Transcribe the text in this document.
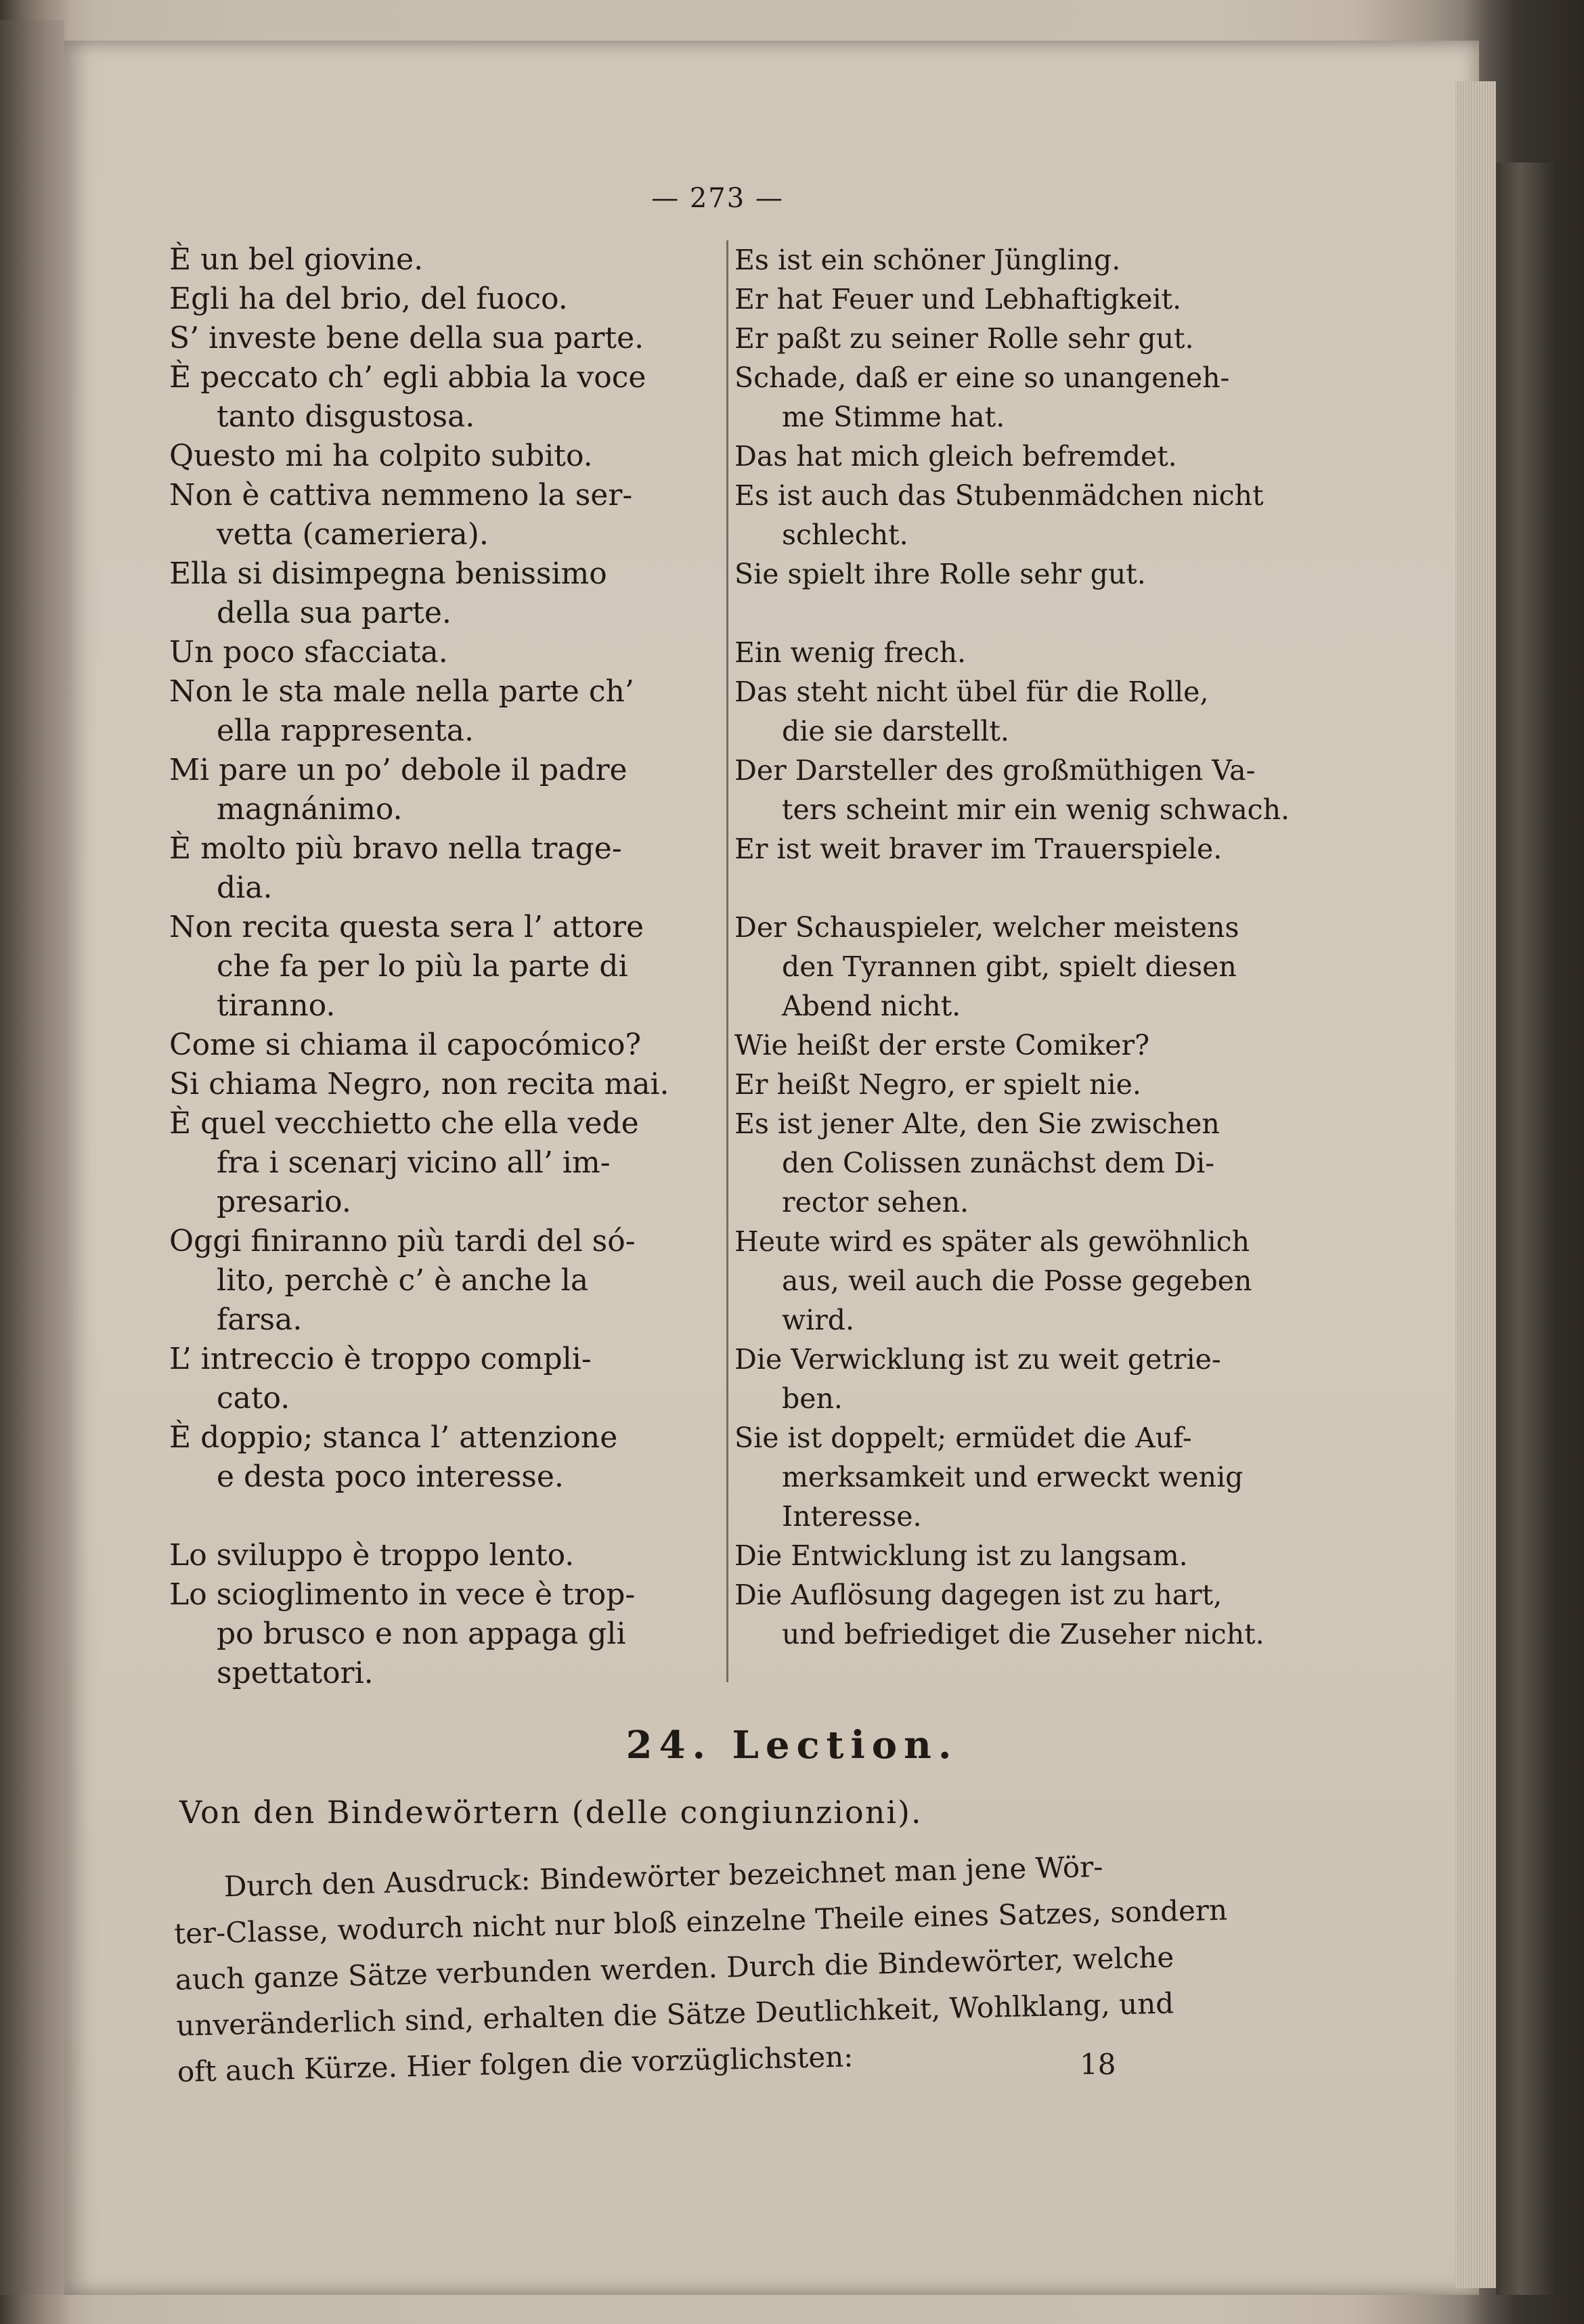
— 273 —
È un bel giovine.
Egli ha del brio, del fuoco.
S’ investe bene della sua parte.
È peccato ch’ egli abbia la voce
tanto disgustosa.
Questo mi ha colpito subito.
Non è cattiva nemmeno la ser-
vetta (cameriera).
Ella si disimpegna benissimo
della sua parte.
Un poco sfacciata.
Non le sta male nella parte ch’
ella rappresenta.
Mi pare un po’ debole il padre
magnánimo.
È molto più bravo nella trage-
dia.
Non recita questa sera l’ attore
che fa per lo più la parte di
tiranno.
Come si chiama il capocómico?
Si chiama Negro, non recita mai.
È quel vecchietto che ella vede
fra i scenarj vicino all’ im-
presario.
Oggi finiranno più tardi del só-
lito, perchè c’ è anche la
farsa.
L’ intreccio è troppo compli-
cato.
È doppio; stanca l’ attenzione
e desta poco interesse.
Lo sviluppo è troppo lento.
Lo scioglimento in vece è trop-
po brusco e non appaga gli
spettatori.
Es ist ein schöner Jüngling.
Er hat Feuer und Lebhaftigkeit.
Er paßt zu seiner Rolle sehr gut.
Schade, daß er eine so unangeneh-
me Stimme hat.
Das hat mich gleich befremdet.
Es ist auch das Stubenmädchen nicht
schlecht.
Sie spielt ihre Rolle sehr gut.
Ein wenig frech.
Das steht nicht übel für die Rolle,
die sie darstellt.
Der Darsteller des großmüthigen Va-
ters scheint mir ein wenig schwach.
Er ist weit braver im Trauerspiele.
Der Schauspieler, welcher meistens
den Tyrannen gibt, spielt diesen
Abend nicht.
Wie heißt der erste Comiker?
Er heißt Negro, er spielt nie.
Es ist jener Alte, den Sie zwischen
den Colissen zunächst dem Di-
rector sehen.
Heute wird es später als gewöhnlich
aus, weil auch die Posse gegeben
wird.
Die Verwicklung ist zu weit getrie-
ben.
Sie ist doppelt; ermüdet die Auf-
merksamkeit und erweckt wenig
Interesse.
Die Entwicklung ist zu langsam.
Die Auflösung dagegen ist zu hart,
und befriediget die Zuseher nicht.
24. Lection.
Von den Bindewörtern (delle congiunzioni).
Durch den Ausdruck: Bindewörter bezeichnet man jene Wör-
ter-Classe, wodurch nicht nur bloß einzelne Theile eines Satzes, sondern
auch ganze Sätze verbunden werden. Durch die Bindewörter, welche
unveränderlich sind, erhalten die Sätze Deutlichkeit, Wohlklang, und
oft auch Kürze. Hier folgen die vorzüglichsten:	18
